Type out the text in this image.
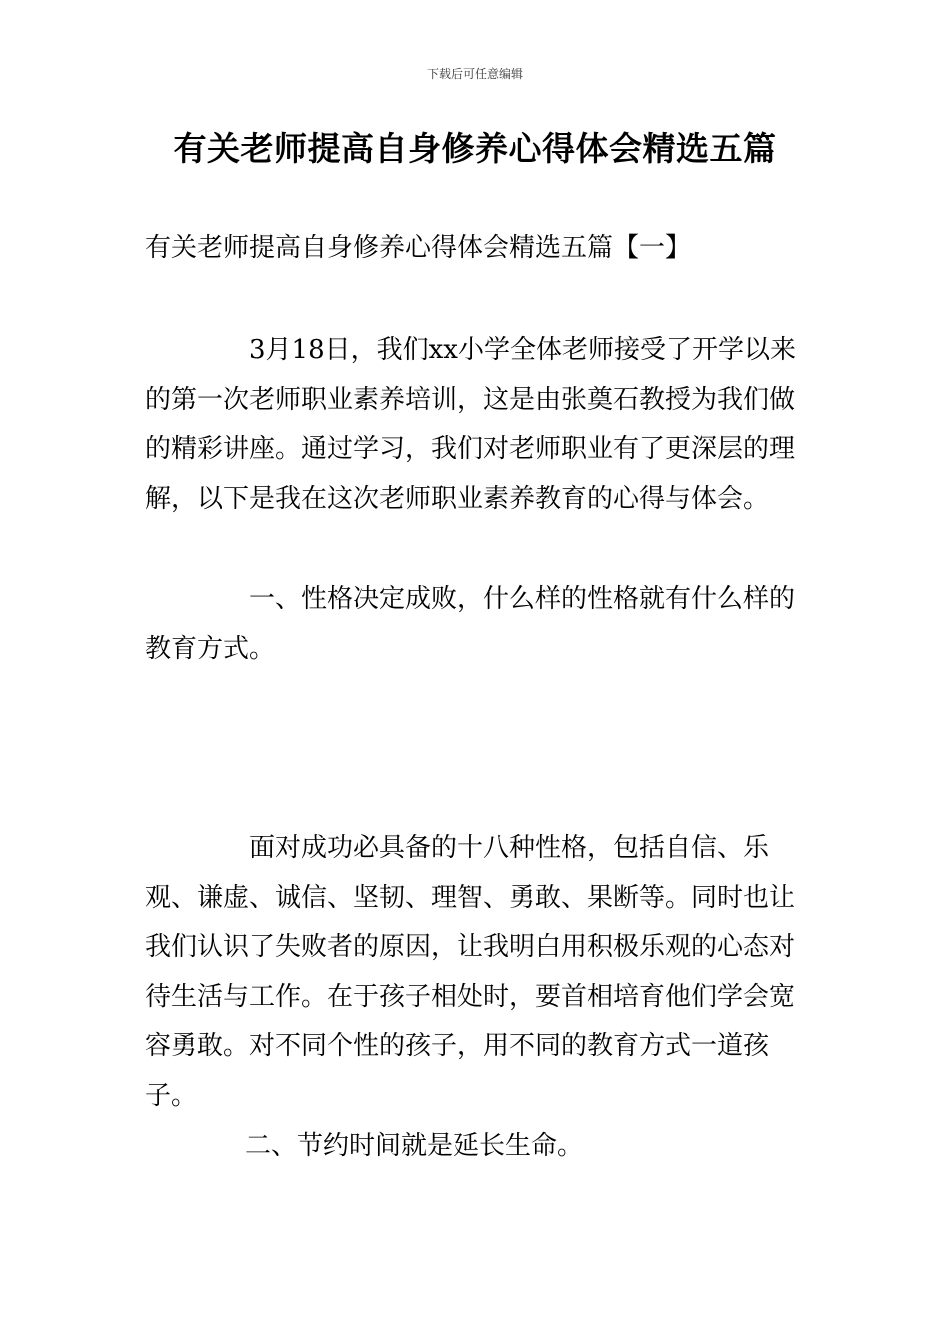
下载后可任意编辑
有关老师提高自身修养心得体会精选五篇
有关老师提高自身修养心得体会精选五篇【一】

3月18日，我们xx小学全体老师接受了开学以来的第一次老师职业素养培训，这是由张奠石教授为我们做的精彩讲座。通过学习，我们对老师职业有了更深层的理解，以下是我在这次老师职业素养教育的心得与体会。

一、性格决定成败，什么样的性格就有什么样的教育方式。

面对成功必具备的十八种性格，包括自信、乐观、谦虚、诚信、坚韧、理智、勇敢、果断等。同时也让我们认识了失败者的原因，让我明白用积极乐观的心态对待生活与工作。在于孩子相处时，要首相培育他们学会宽容勇敢。对不同个性的孩子，用不同的教育方式一道孩子。

二、节约时间就是延长生命。
